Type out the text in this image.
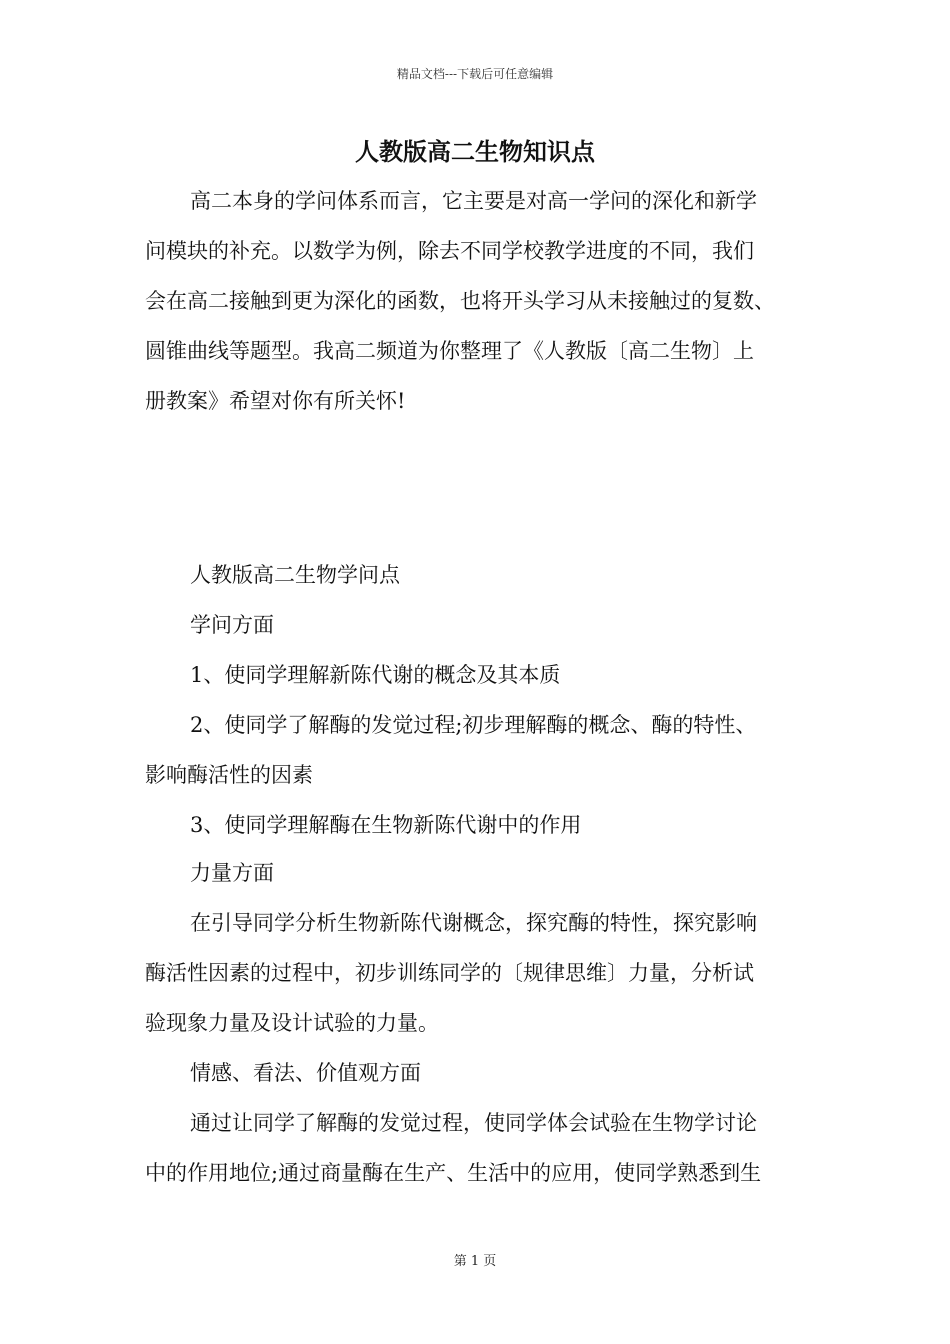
精品文档---下载后可任意编辑
人教版高二生物知识点

高二本身的学问体系而言，它主要是对高一学问的深化和新学

问模块的补充。以数学为例，除去不同学校教学进度的不同，我们

会在高二接触到更为深化的函数，也将开头学习从未接触过的复数、

圆锥曲线等题型。我高二频道为你整理了《人教版〔高二生物〕上

册教案》希望对你有所关怀!

人教版高二生物学问点

学问方面

1、使同学理解新陈代谢的概念及其本质

2、使同学了解酶的发觉过程;初步理解酶的概念、酶的特性、

影响酶活性的因素

3、使同学理解酶在生物新陈代谢中的作用

力量方面

在引导同学分析生物新陈代谢概念，探究酶的特性，探究影响

酶活性因素的过程中，初步训练同学的〔规律思维〕力量，分析试

验现象力量及设计试验的力量。

情感、看法、价值观方面

通过让同学了解酶的发觉过程，使同学体会试验在生物学讨论

中的作用地位;通过商量酶在生产、生活中的应用，使同学熟悉到生

第 1 页
